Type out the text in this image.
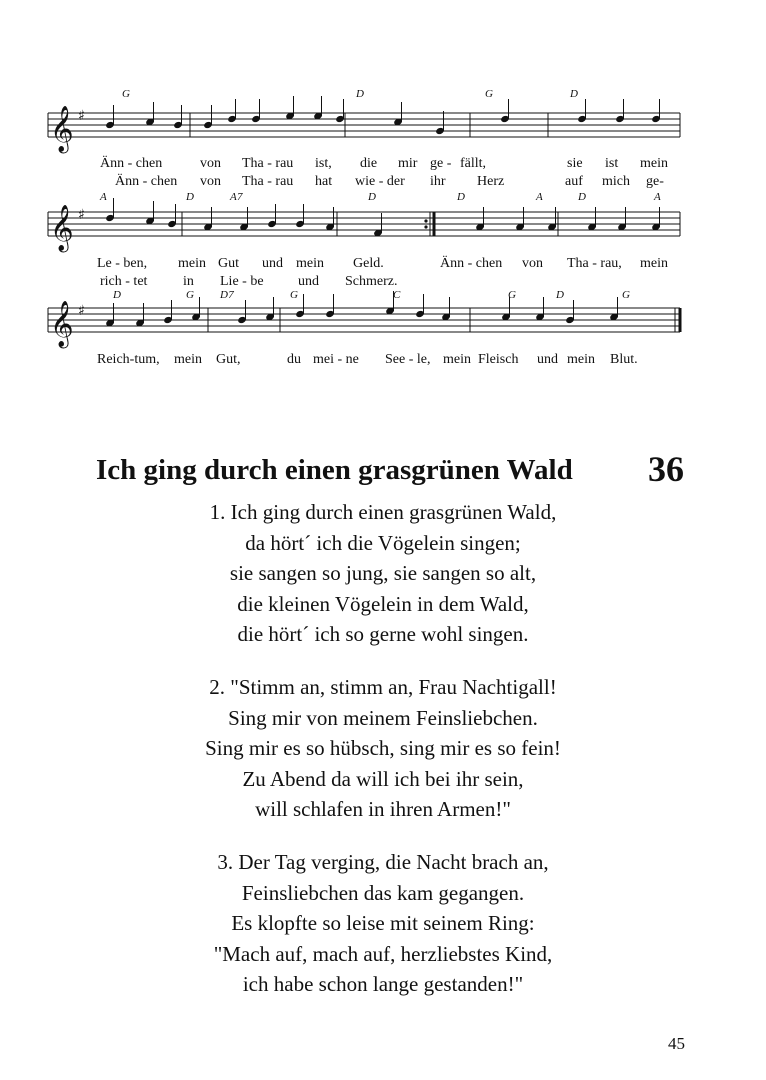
𝄞 ♯
𝄞 ♯
𝄞 ♯
G	D	G	D
Änn - chen	von Tha - rau ist, die mir ge - fällt,	sie ist mein
Änn - chen von Tha - rau hat wie - der ihr Herz	auf mich ge-
A	D	A7	D	D	A	D	A
Le - ben, mein Gut und mein Geld.	Änn - chen von Tha - rau, mein
rich - tet	in Lie - be und Schmerz.
D	G D7	G	C	G	D	G
Reich-tum, mein Gut,	du mei - ne See - le, mein Fleisch und mein Blut.
Ich ging durch einen grasgrünen Wald 36
1. Ich ging durch einen grasgrünen Wald,
da hört´ ich die Vögelein singen;
sie sangen so jung, sie sangen so alt,
die kleinen Vögelein in dem Wald,
die hört´ ich so gerne wohl singen.
2. "Stimm an, stimm an, Frau Nachtigall!
Sing mir von meinem Feinsliebchen.
Sing mir es so hübsch, sing mir es so fein!
Zu Abend da will ich bei ihr sein,
will schlafen in ihren Armen!"
3. Der Tag verging, die Nacht brach an,
Feinsliebchen das kam gegangen.
Es klopfte so leise mit seinem Ring:
"Mach auf, mach auf, herzliebstes Kind,
ich habe schon lange gestanden!"
45
